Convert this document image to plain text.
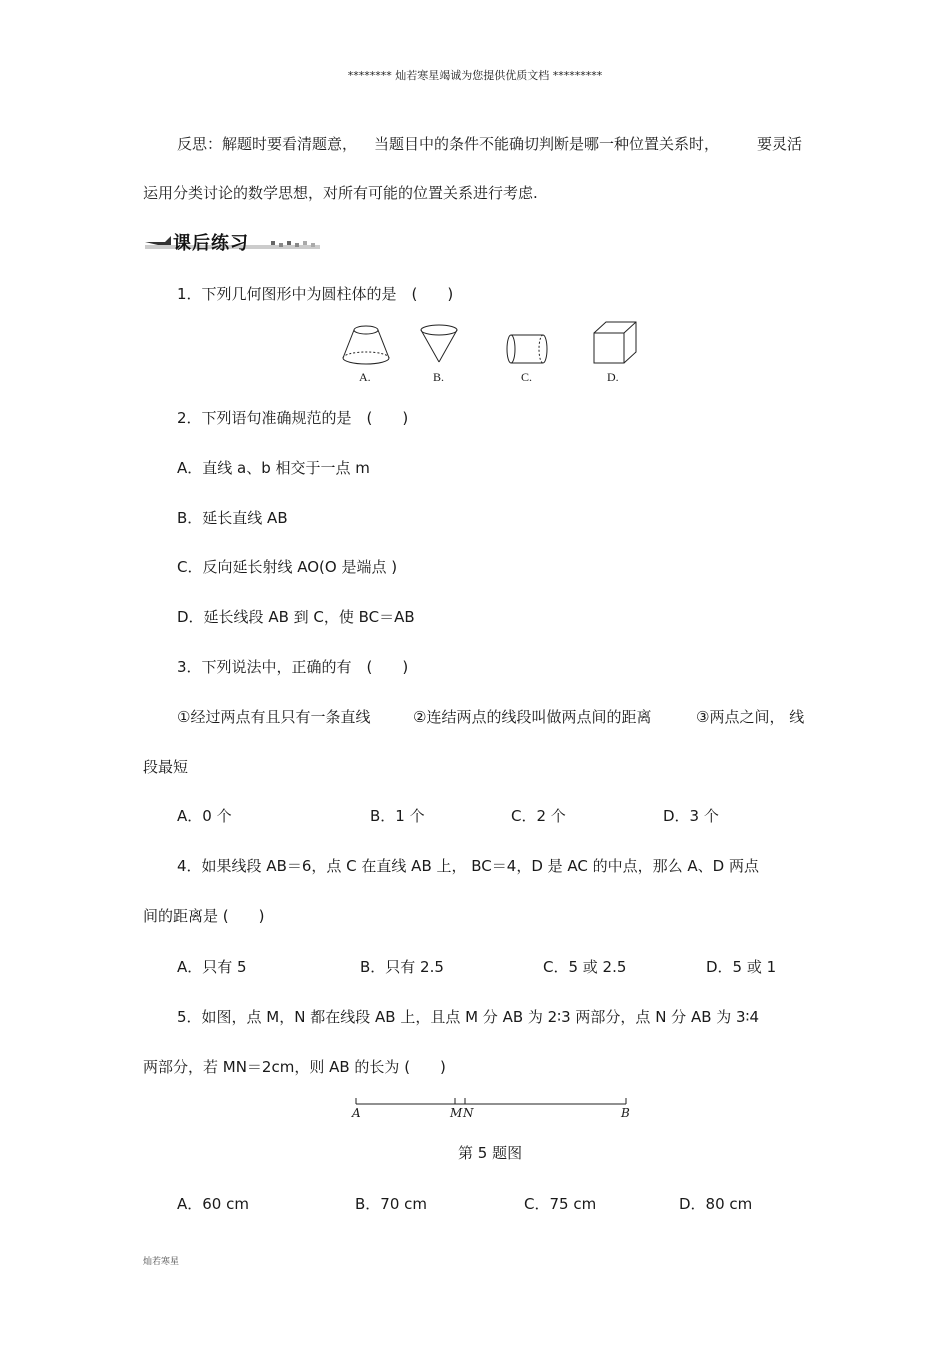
******** 灿若寒星竭诚为您提供优质文档 *********
反思：解题时要看清题意， 当题目中的条件不能确切判断是哪一种位置关系时，	要灵活
运用分类讨论的数学思想，对所有可能的位置关系进行考虑.
课后练习
1．下列几何图形中为圆柱体的是　(　　)
A.	B.	C.	D.
2．下列语句准确规范的是　(　　)
A．直线 a、b 相交于一点 m
B．延长直线 AB
C．反向延长射线 AO(O 是端点 )
D．延长线段 AB 到 C，使 BC＝AB
3．下列说法中，正确的有　(　　)
①经过两点有且只有一条直线	②连结两点的线段叫做两点间的距离	③两点之间， 线
段最短
A．0 个	B．1 个	C．2 个	D．3 个
4．如果线段 AB＝6，点 C 在直线 AB 上， BC＝4，D 是 AC 的中点，那么 A、D 两点
间的距离是 (　　)
A．只有 5	B．只有 2.5	C．5 或 2.5	D．5 或 1
5．如图，点 M，N 都在线段 AB 上，且点 M 分 AB 为 2∶3 两部分，点 N 分 AB 为 3∶4
两部分，若 MN＝2cm，则 AB 的长为 (　　)
A	M N	B
第 5 题图
A．60 cm	B．70 cm	C．75 cm	D．80 cm
灿若寒星
